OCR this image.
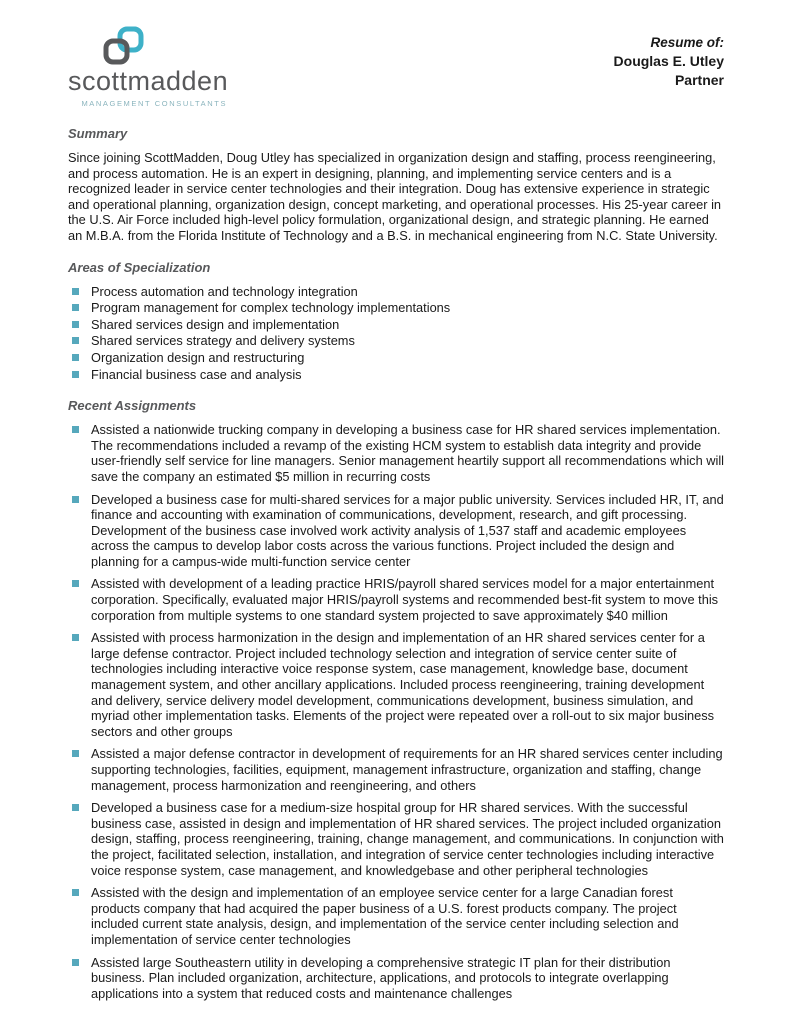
scottmadden
MANAGEMENT CONSULTANTS
Resume of:
Douglas E. Utley
Partner
Summary

Since joining ScottMadden, Doug Utley has specialized in organization design and staffing, process reengineering, and process automation. He is an expert in designing, planning, and implementing service centers and is a recognized leader in service center technologies and their integration. Doug has extensive experience in strategic and operational planning, organization design, concept marketing, and operational processes. His 25-year career in the U.S. Air Force included high-level policy formulation, organizational design, and strategic planning. He earned an M.B.A. from the Florida Institute of Technology and a B.S. in mechanical engineering from N.C. State University.

Areas of Specialization
Process automation and technology integration
Program management for complex technology implementations
Shared services design and implementation
Shared services strategy and delivery systems
Organization design and restructuring
Financial business case and analysis
Recent Assignments
Assisted a nationwide trucking company in developing a business case for HR shared services implementation. The recommendations included a revamp of the existing HCM system to establish data integrity and provide user-friendly self service for line managers. Senior management heartily support all recommendations which will save the company an estimated $5 million in recurring costs
Developed a business case for multi-shared services for a major public university. Services included HR, IT, and finance and accounting with examination of communications, development, research, and gift processing. Development of the business case involved work activity analysis of 1,537 staff and academic employees across the campus to develop labor costs across the various functions. Project included the design and planning for a campus-wide multi-function service center
Assisted with development of a leading practice HRIS/payroll shared services model for a major entertainment corporation. Specifically, evaluated major HRIS/payroll systems and recommended best-fit system to move this corporation from multiple systems to one standard system projected to save approximately $40 million
Assisted with process harmonization in the design and implementation of an HR shared services center for a large defense contractor. Project included technology selection and integration of service center suite of technologies including interactive voice response system, case management, knowledge base, document management system, and other ancillary applications. Included process reengineering, training development and delivery, service delivery model development, communications development, business simulation, and myriad other implementation tasks. Elements of the project were repeated over a roll-out to six major business sectors and other groups
Assisted a major defense contractor in development of requirements for an HR shared services center including supporting technologies, facilities, equipment, management infrastructure, organization and staffing, change management, process harmonization and reengineering, and others
Developed a business case for a medium-size hospital group for HR shared services. With the successful business case, assisted in design and implementation of HR shared services. The project included organization design, staffing, process reengineering, training, change management, and communications. In conjunction with the project, facilitated selection, installation, and integration of service center technologies including interactive voice response system, case management, and knowledgebase and other peripheral technologies
Assisted with the design and implementation of an employee service center for a large Canadian forest products company that had acquired the paper business of a U.S. forest products company. The project included current state analysis, design, and implementation of the service center including selection and implementation of service center technologies
Assisted large Southeastern utility in developing a comprehensive strategic IT plan for their distribution business. Plan included organization, architecture, applications, and protocols to integrate overlapping applications into a system that reduced costs and maintenance challenges
